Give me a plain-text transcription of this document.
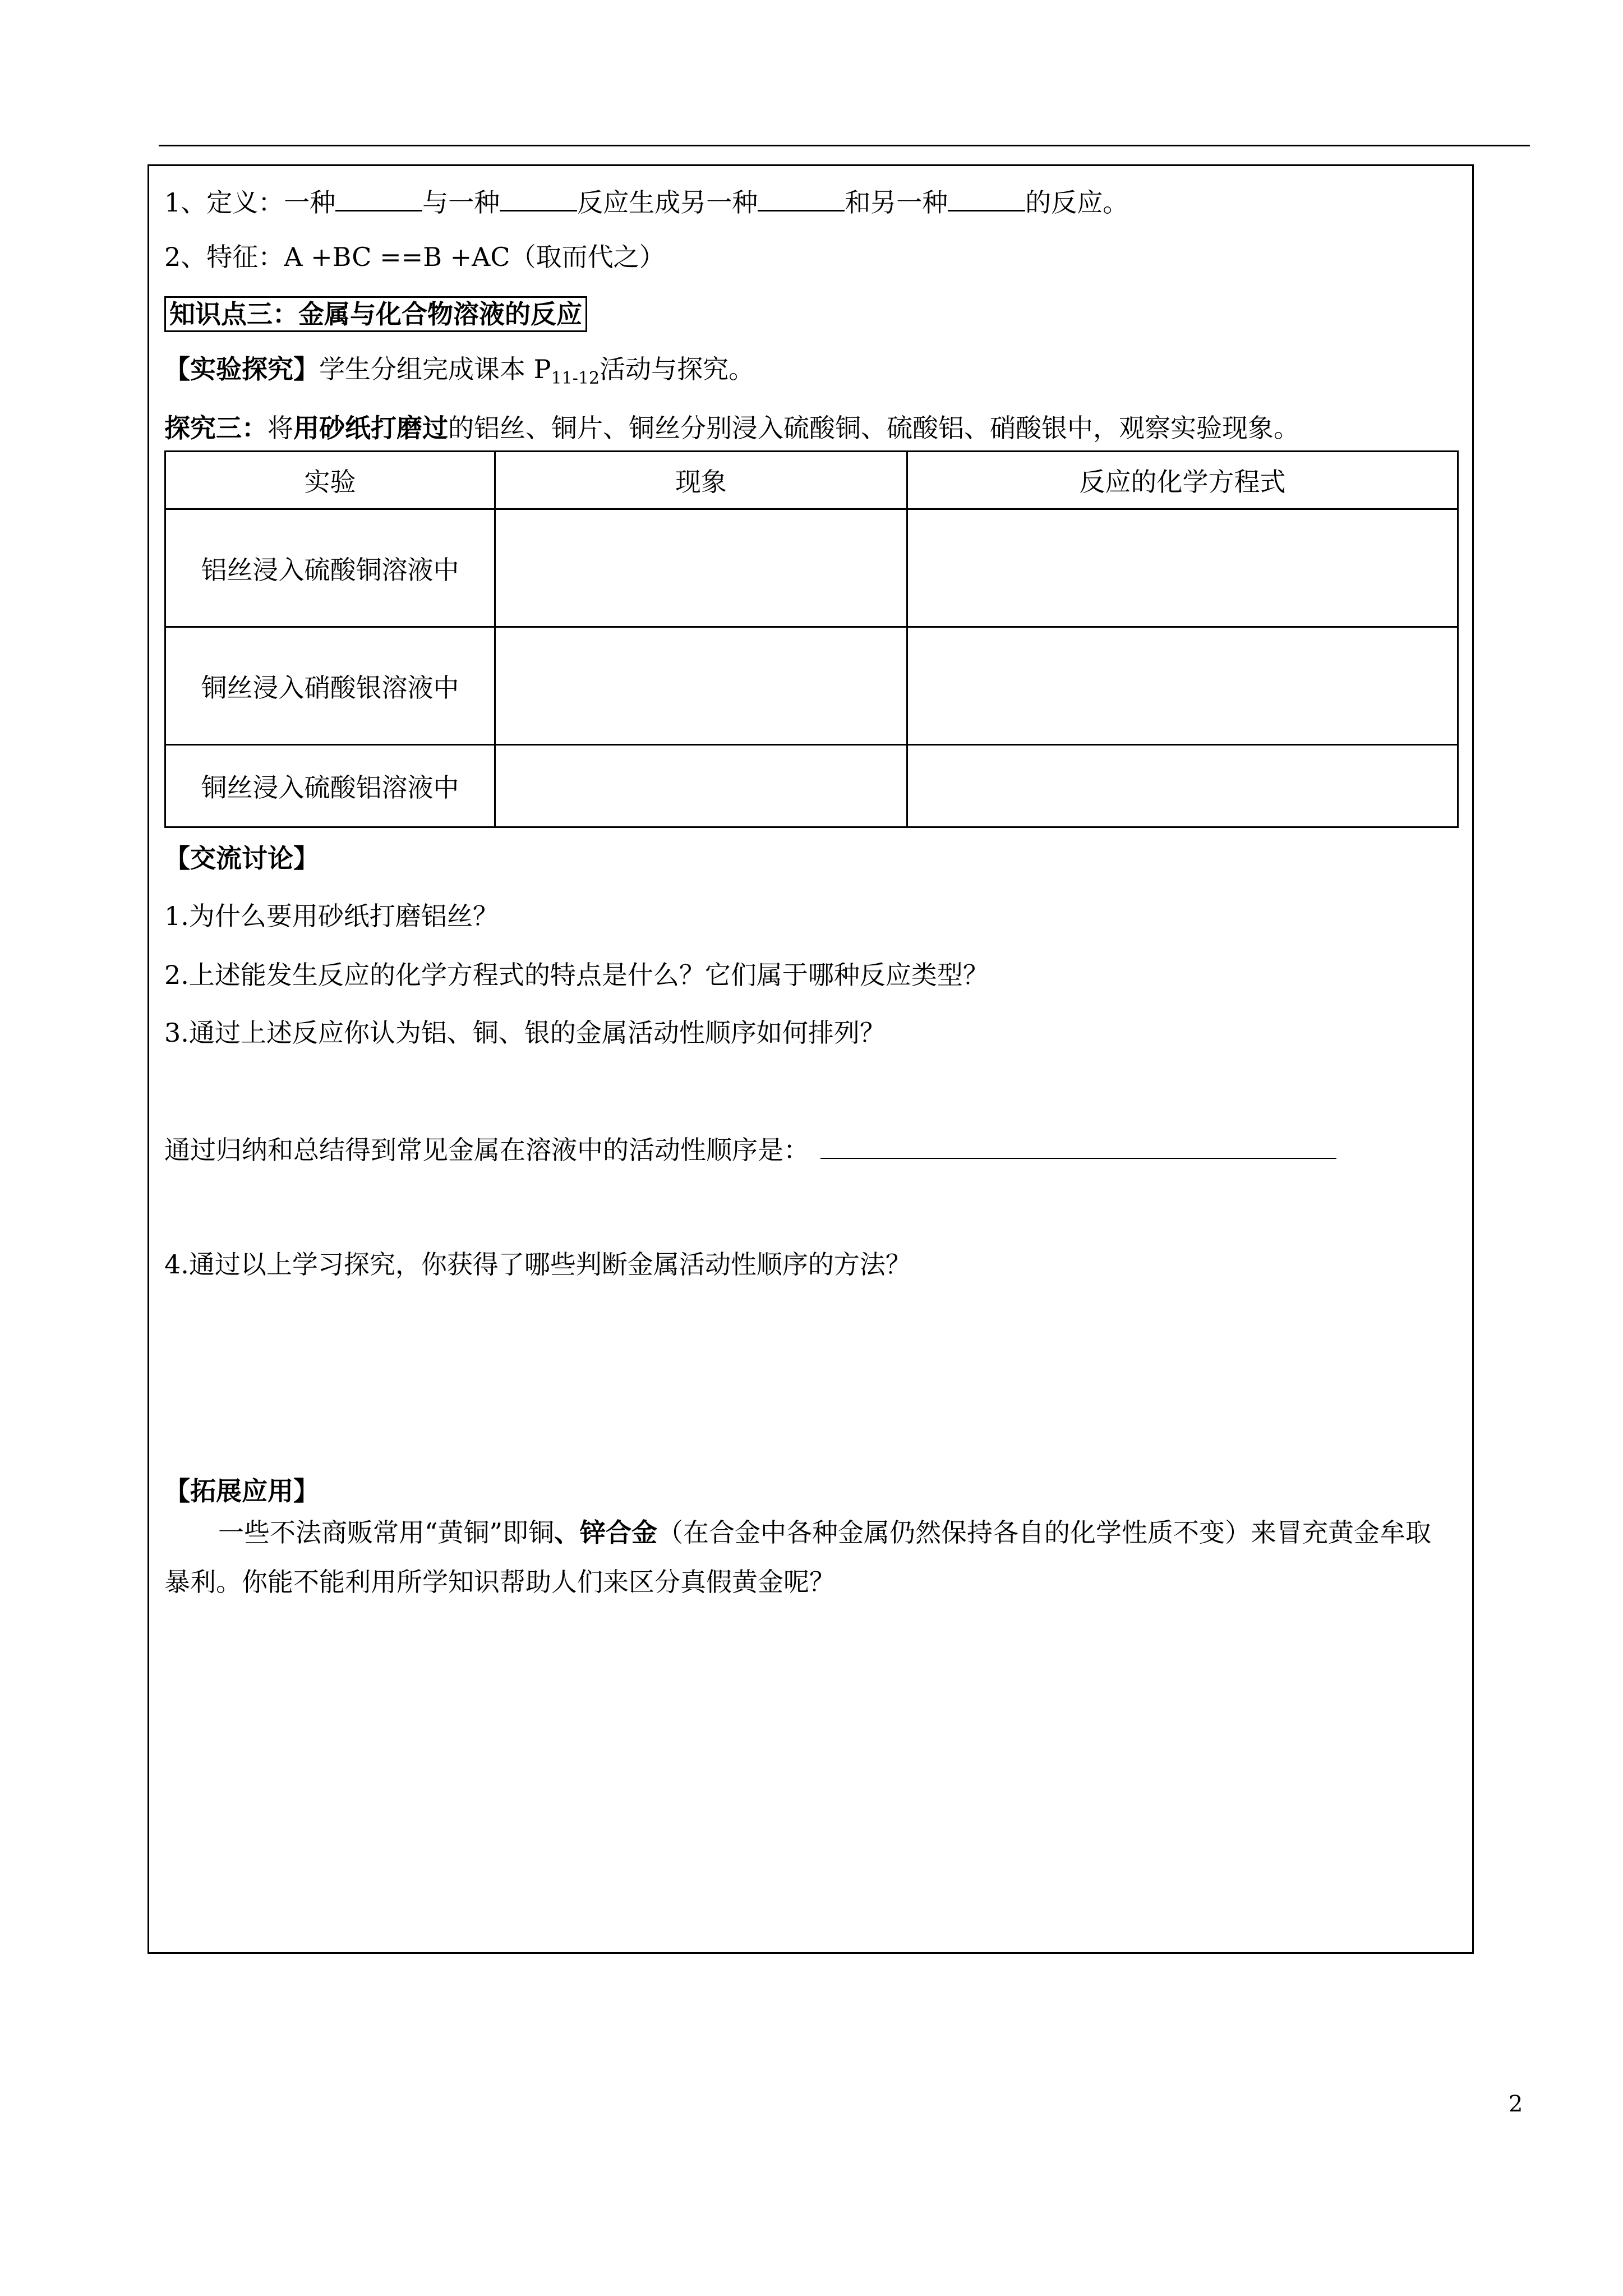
1、定义：一种	与一种	反应生成另一种	和另一种	的反应。
2、特征：A +BC ==B +AC（取而代之）
知识点三：金属与化合物溶液的反应
【实验探究】学生分组完成课本 $P_{11-12}$活动与探究。
探究三：将用砂纸打磨过的铝丝、铜片、铜丝分别浸入硫酸铜、硫酸铝、硝酸银中，观察实验现象。
实验	现象	反应的化学方程式
铝丝浸入硫酸铜溶液中		
铜丝浸入硝酸银溶液中		
铜丝浸入硫酸铝溶液中		
【交流讨论】
1.为什么要用砂纸打磨铝丝？
2.上述能发生反应的化学方程式的特点是什么？它们属于哪种反应类型？
3.通过上述反应你认为铝、铜、银的金属活动性顺序如何排列？
通过归纳和总结得到常见金属在溶液中的活动性顺序是：
4.通过以上学习探究，你获得了哪些判断金属活动性顺序的方法？
【拓展应用】
一些不法商贩常用“黄铜”即铜、锌合金（在合金中各种金属仍然保持各自的化学性质不变）来冒充黄金牟取暴利。你能不能利用所学知识帮助人们来区分真假黄金呢？
2
